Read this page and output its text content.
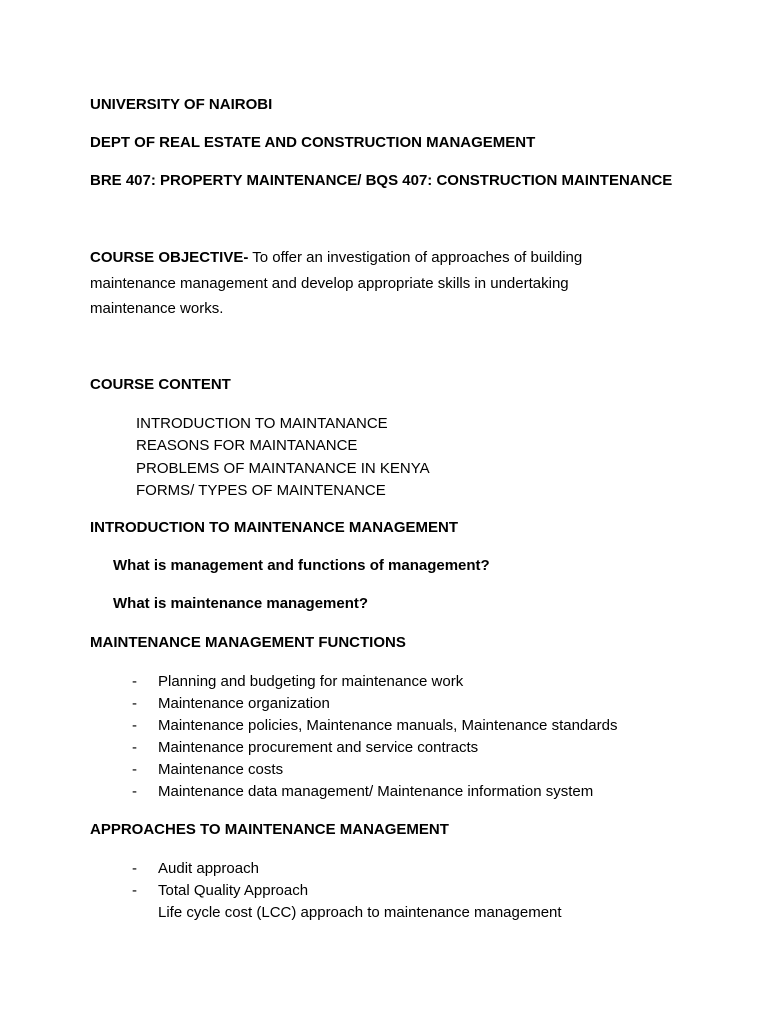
UNIVERSITY OF NAIROBI
DEPT OF REAL ESTATE AND CONSTRUCTION MANAGEMENT
BRE 407: PROPERTY MAINTENANCE/ BQS 407: CONSTRUCTION MAINTENANCE
COURSE OBJECTIVE- To offer an investigation of approaches of building maintenance management and develop appropriate skills in undertaking maintenance works.
COURSE CONTENT
INTRODUCTION TO MAINTANANCE
REASONS FOR MAINTANANCE
PROBLEMS OF MAINTANANCE IN KENYA
FORMS/ TYPES OF MAINTENANCE
INTRODUCTION TO MAINTENANCE MANAGEMENT
What is management and functions of management?
What is maintenance management?
MAINTENANCE MANAGEMENT FUNCTIONS
-	Planning and budgeting for maintenance work
-	Maintenance organization
-	Maintenance policies, Maintenance manuals, Maintenance standards
-	Maintenance procurement and service contracts
-	Maintenance costs
-	Maintenance data management/ Maintenance information system
APPROACHES TO MAINTENANCE MANAGEMENT
-	Audit approach
-	Total Quality Approach
Life cycle cost (LCC) approach to maintenance management
